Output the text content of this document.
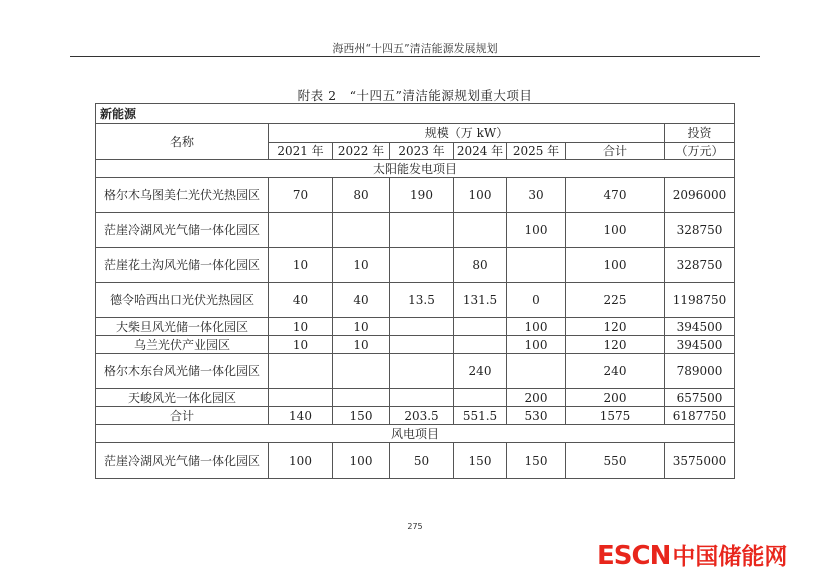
海西州“十四五”清洁能源发展规划
附表 2　“十四五”清洁能源规划重大项目
新能源							
名称	规模（万 kW）						投资
	2021 年	2022 年	2023 年	2024 年	2025 年	合计	（万元）
太阳能发电项目							
格尔木乌图美仁光伏光热园区	70	80	190	100	30	470	2096000
茫崖冷湖风光气储一体化园区					100	100	328750
茫崖花土沟风光储一体化园区	10	10		80		100	328750
德令哈西出口光伏光热园区	40	40	13.5	131.5	0	225	1198750
大柴旦风光储一体化园区	10	10			100	120	394500
乌兰光伏产业园区	10	10			100	120	394500
格尔木东台风光储一体化园区				240		240	789000
天峻风光一体化园区					200	200	657500
合计	140	150	203.5	551.5	530	1575	6187750
风电项目							
茫崖冷湖风光气储一体化园区	100	100	50	150	150	550	3575000
275
ESCN中国储能网
